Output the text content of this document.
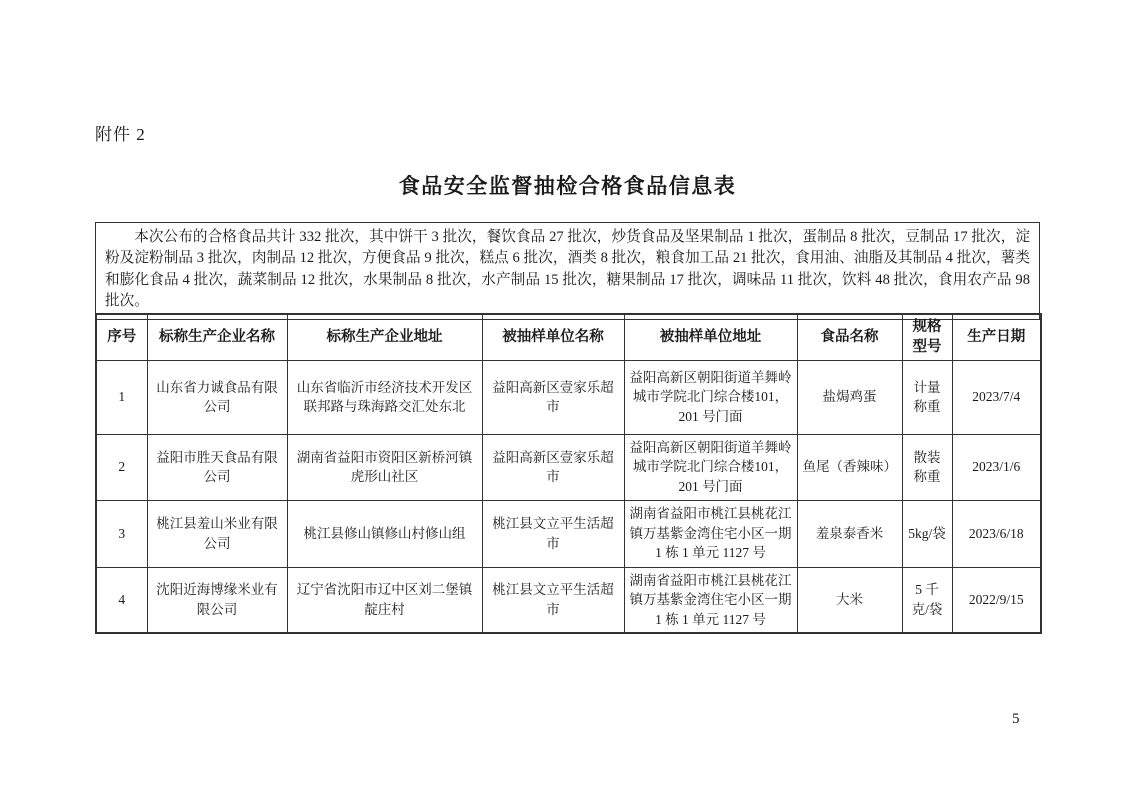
附件 2
食品安全监督抽检合格食品信息表

本次公布的合格食品共计 332 批次，其中饼干 3 批次，餐饮食品 27 批次，炒货食品及坚果制品 1 批次，蛋制品 8 批次，豆制品 17 批次，淀粉及淀粉制品 3 批次，肉制品 12 批次，方便食品 9 批次，糕点 6 批次，酒类 8 批次，粮食加工品 21 批次，食用油、油脂及其制品 4 批次，薯类和膨化食品 4 批次，蔬菜制品 12 批次，水果制品 8 批次，水产制品 15 批次，糖果制品 17 批次，调味品 11 批次，饮料 48 批次，食用农产品 98 批次。

序号	标称生产企业名称	标称生产企业地址	被抽样单位名称	被抽样单位地址	食品名称	规格型号	生产日期
1	山东省力诚食品有限公司	山东省临沂市经济技术开发区联邦路与珠海路交汇处东北	益阳高新区壹家乐超市	益阳高新区朝阳街道羊舞岭城市学院北门综合楼101，201 号门面	盐焗鸡蛋	计量称重	2023/7/4
2	益阳市胜天食品有限公司	湖南省益阳市资阳区新桥河镇虎形山社区	益阳高新区壹家乐超市	益阳高新区朝阳街道羊舞岭城市学院北门综合楼101，201 号门面	鱼尾（香辣味）	散装称重	2023/1/6
3	桃江县羞山米业有限公司	桃江县修山镇修山村修山组	桃江县文立平生活超市	湖南省益阳市桃江县桃花江镇万基紫金湾住宅小区一期 1 栋 1 单元 1127 号	羞泉泰香米	5kg/袋	2023/6/18
4	沈阳近海博缘米业有限公司	辽宁省沈阳市辽中区刘二堡镇靛庄村	桃江县文立平生活超市	湖南省益阳市桃江县桃花江镇万基紫金湾住宅小区一期 1 栋 1 单元 1127 号	大米	5 千克/袋	2022/9/15
5
